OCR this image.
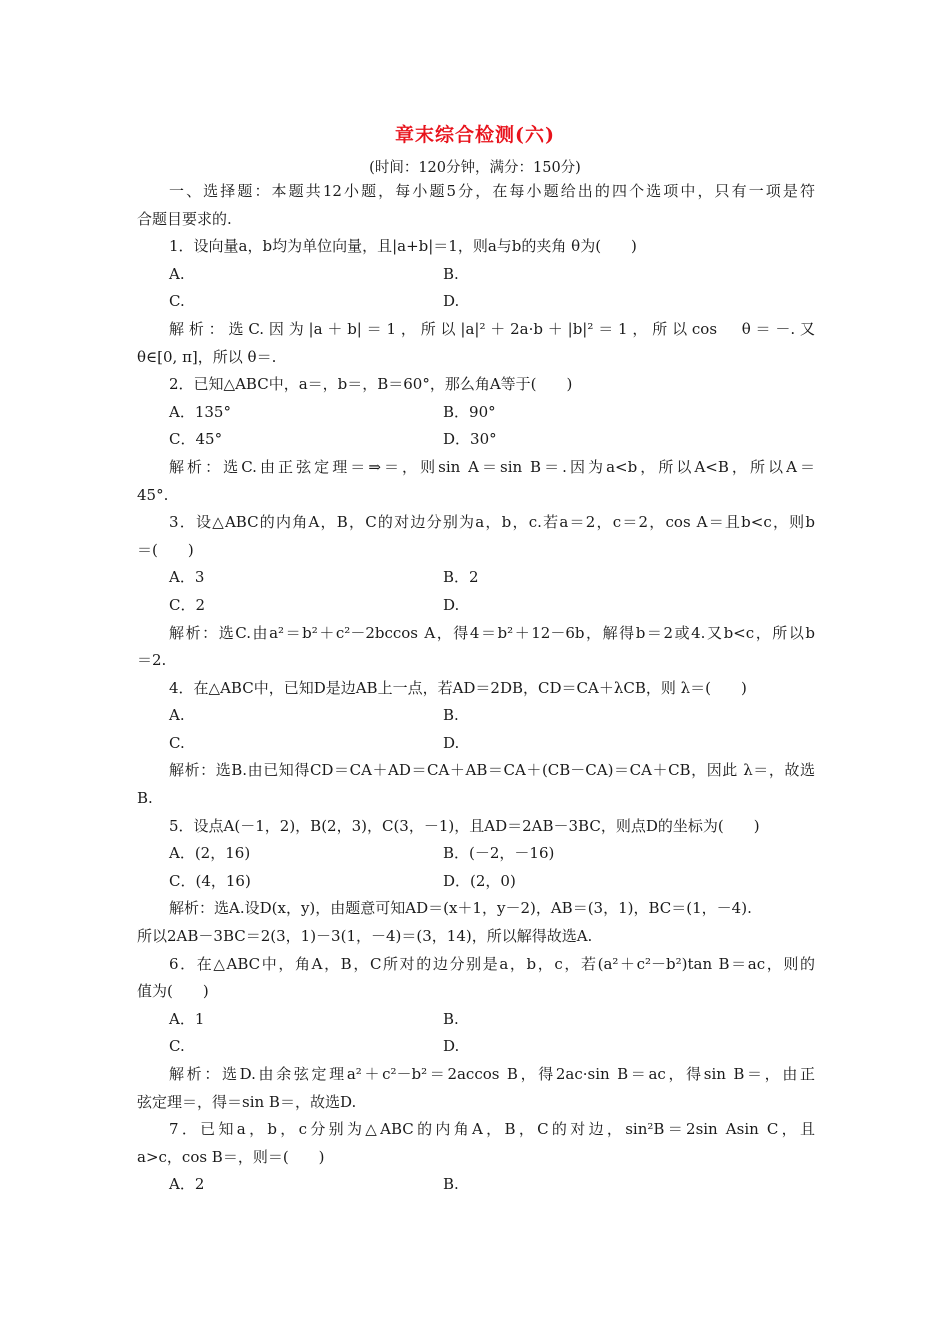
章末综合检测(六)
(时间：120分钟，满分：150分)
一、选择题：本题共12小题，每小题5分，在每小题给出的四个选项中，只有一项是符
合题目要求的.
1．设向量a，b均为单位向量，且|a+b|＝1，则a与b的夹角 θ为(　　)
A.	B.
C.	D.
解析：选C.因为|a＋b|＝1，所以|a|²＋2a·b＋|b|²＝1，所以cos　θ＝－.又
θ∈[0, π]，所以 θ＝.
2．已知△ABC中，a＝，b＝，B＝60°，那么角A等于(　　)
A．135°	B．90°
C．45°	D．30°
解析：选C.由正弦定理＝⇒＝，则sin A＝sin B＝.因为a<b，所以A<B，所以A＝
45°.
3．设△ABC的内角A，B，C的对边分别为a，b，c.若a＝2，c＝2，cos A＝且b<c，则b
＝(　　)
A．3	B．2
C．2	D.
解析：选C.由a²＝b²＋c²－2bccos A，得4＝b²＋12－6b，解得b＝2或4.又b<c，所以b
＝2.
4．在△ABC中，已知D是边AB上一点，若AD＝2DB，CD＝CA＋λCB，则 λ＝(　　)
A.	B.
C.	D.
解析：选B.由已知得CD＝CA＋AD＝CA＋AB＝CA＋(CB－CA)＝CA＋CB，因此 λ＝，故选
B.
5．设点A(－1，2)，B(2，3)，C(3，－1)，且AD＝2AB－3BC，则点D的坐标为(　　)
A．(2，16)	B．(－2，－16)
C．(4，16)	D．(2，0)
解析：选A.设D(x，y)，由题意可知AD＝(x＋1，y－2)，AB＝(3，1)，BC＝(1，－4).
所以2AB－3BC＝2(3，1)－3(1，－4)＝(3，14)，所以解得故选A.
6．在△ABC中，角A，B，C所对的边分别是a，b，c，若(a²＋c²－b²)tan B＝ac，则的
值为(　　)
A．1	B.
C.	D.
解析：选D.由余弦定理a²＋c²－b²＝2accos B，得2ac·sin B＝ac，得sin B＝，由正
弦定理＝，得＝sin B＝，故选D.
7．已知a，b，c分别为△ABC的内角A，B，C的对边，sin²B＝2sin Asin C，且
a>c，cos B＝，则＝(　　)
A．2	B.
